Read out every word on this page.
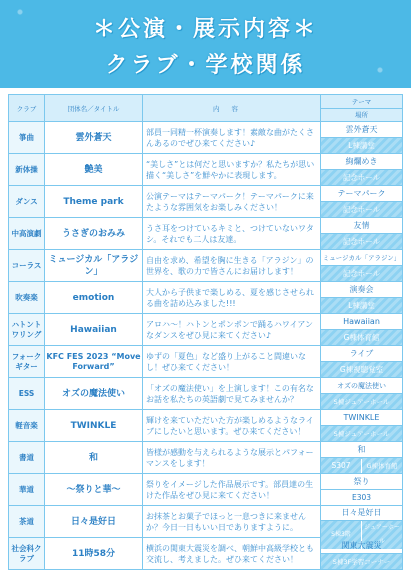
＊公演・展示内容＊
クラブ・学校関係
クラブ	団体名／タイトル	内容	テーマ
場所

箏曲	雲外蒼天	部員一同精一杯演奏します！素敵な曲がたくさんあるのでぜひ来てください♪	雲外蒼天
L棟講堂

新体操	艶美	“美しさ”とは何だと思いますか？私たちが思い描く“美しさ”を鮮やかに表現します。	絢爛めき
記念ホール

ダンス	Theme park	公演テーマはテーマパーク！テーマパークに来たような雰囲気をお楽しみください！	テーマパーク
記念ホール

中高演劇	うさぎのおみみ	うさ耳をつけているキミと、つけていないワタシ。それでも二人は友達。	友情
記念ホール

コーラス	ミュージカル「アラジン」	自由を求め、希望を胸に生きる「アラジン」の世界を、歌の力で皆さんにお届けします！	ミュージカル「アラジン」
記念ホール

吹奏楽	emotion	大人から子供まで楽しめる、夏を感じさせられる曲を詰め込みました!!!	演奏会
L棟講堂

ハトントワリング	Hawaiian	アロハ〜！ハトンとポンポンで踊るハワイアンなダンスをぜひ見に来てください♪	Hawaiian
G棟体育館

フォークギター	KFC FES 2023 “Move Forward”	ゆずの「夏色」など盛り上がること間違いなし！ぜひ来てください！	ライブ
G棟視聴覚室

ESS	オズの魔法使い	「オズの魔法使い」を上演します！この有名なお話を私たちの英語劇で見てみませんか？	オズの魔法使い
S棟ジュアーホール

軽音楽	TWINKLE	輝けを来ていただいた方が楽しめるようなライブにしたいと思います。ぜひ来てください！	TWINKLE
S棟ジュアーホール

書道	和	皆様が感動を与えられるような展示とパフォーマンスをします！	和
S307 G棟体育館

華道	〜祭りと華〜	祭りをイメージした作品展示です。部員達の生けた作品をぜひ見に来てください！	祭り
E303

茶道	日々是好日	お抹茶とお菓子でほっと一息つきに来ませんか？今日一日もいい日でありますように。	日々是好日
S棟3階
ジュアーホール

社会科クラブ	11時58分	横浜の関東大震災を調べ、朝鮮中高級学校とも交流し、考えました。ぜひ来てください！	関東大震災
S棟3F学習コーナー
